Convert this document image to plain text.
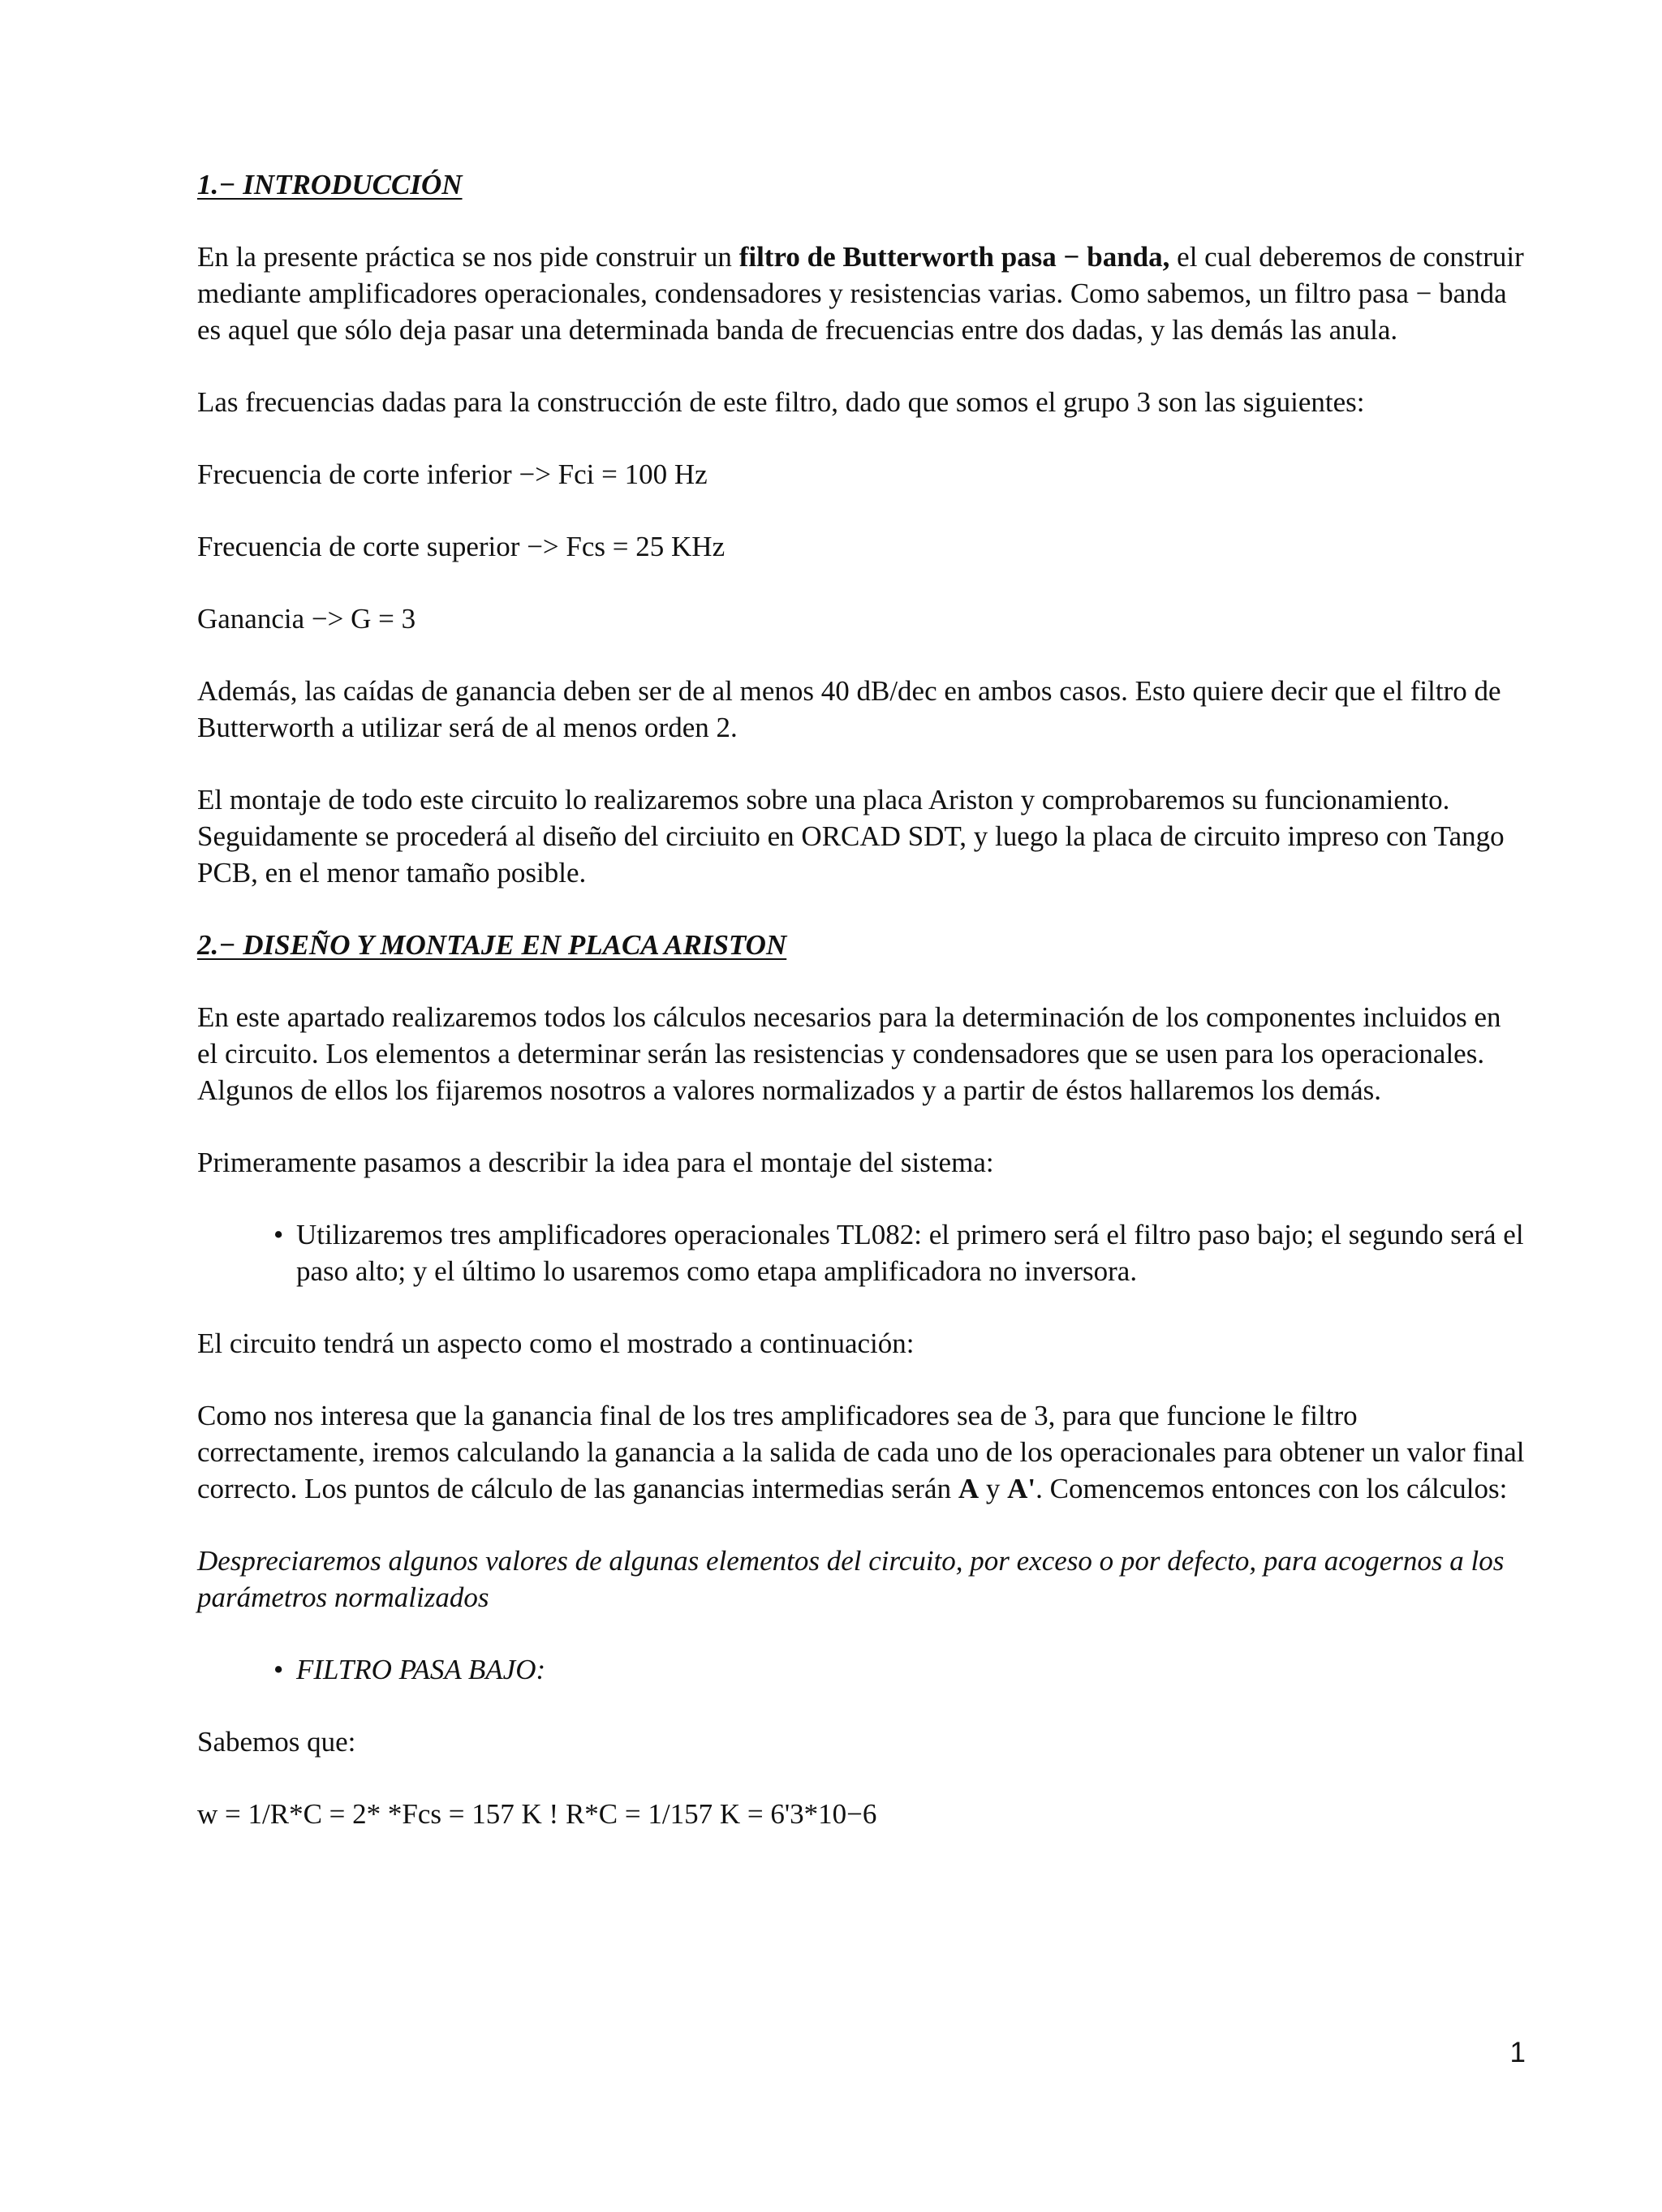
1.− INTRODUCCIÓN

En la presente práctica se nos pide construir un filtro de Butterworth pasa − banda, el cual deberemos de construir mediante amplificadores operacionales, condensadores y resistencias varias. Como sabemos, un filtro pasa − banda es aquel que sólo deja pasar una determinada banda de frecuencias entre dos dadas, y las demás las anula.

Las frecuencias dadas para la construcción de este filtro, dado que somos el grupo 3 son las siguientes:

Frecuencia de corte inferior −> Fci = 100 Hz

Frecuencia de corte superior −> Fcs = 25 KHz

Ganancia −> G = 3

Además, las caídas de ganancia deben ser de al menos 40 dB/dec en ambos casos. Esto quiere decir que el filtro de Butterworth a utilizar será de al menos orden 2.

El montaje de todo este circuito lo realizaremos sobre una placa Ariston y comprobaremos su funcionamiento. Seguidamente se procederá al diseño del circiuito en ORCAD SDT, y luego la placa de circuito impreso con Tango PCB, en el menor tamaño posible.

2.− DISEÑO Y MONTAJE EN PLACA ARISTON

En este apartado realizaremos todos los cálculos necesarios para la determinación de los componentes incluidos en el circuito. Los elementos a determinar serán las resistencias y condensadores que se usen para los operacionales. Algunos de ellos los fijaremos nosotros a valores normalizados y a partir de éstos hallaremos los demás.

Primeramente pasamos a describir la idea para el montaje del sistema:

• Utilizaremos tres amplificadores operacionales TL082: el primero será el filtro paso bajo; el segundo será el paso alto; y el último lo usaremos como etapa amplificadora no inversora.

El circuito tendrá un aspecto como el mostrado a continuación:

Como nos interesa que la ganancia final de los tres amplificadores sea de 3, para que funcione le filtro correctamente, iremos calculando la ganancia a la salida de cada uno de los operacionales para obtener un valor final correcto. Los puntos de cálculo de las ganancias intermedias serán A y A'. Comencemos entonces con los cálculos:

Despreciaremos algunos valores de algunas elementos del circuito, por exceso o por defecto, para acogernos a los parámetros normalizados

• FILTRO PASA BAJO:

Sabemos que:

w = 1/R*C = 2* *Fcs = 157 K ! R*C = 1/157 K = 6'3*10−6

1
